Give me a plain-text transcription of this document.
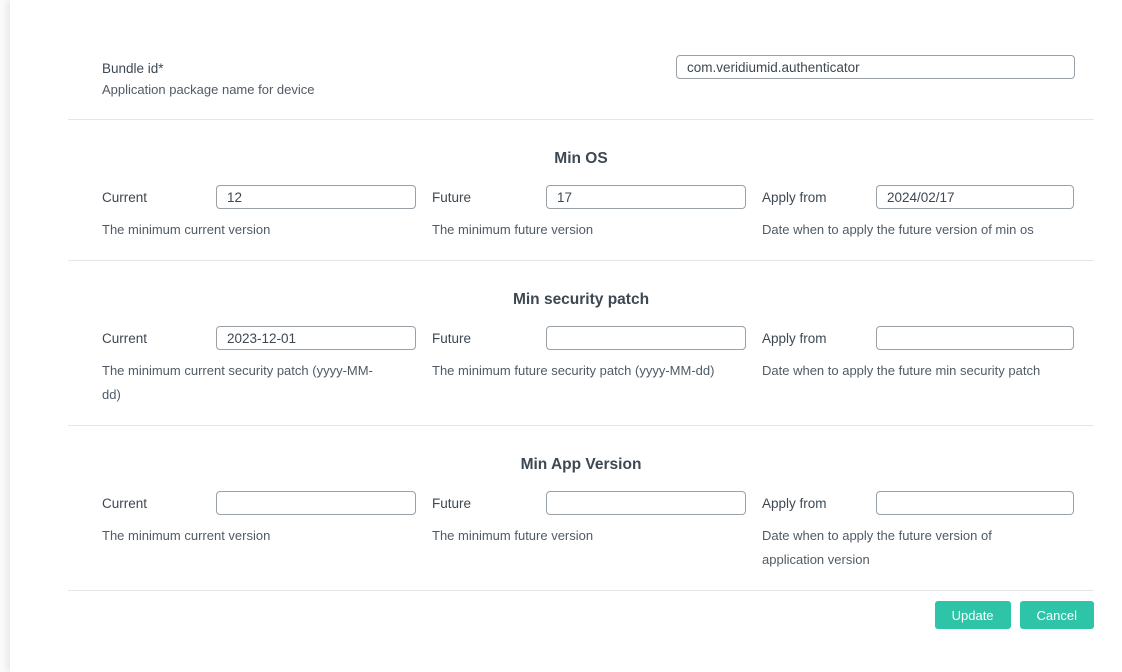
Bundle id*
Application package name for device
com.veridiumid.authenticator
Min OS
Current
12
The minimum current version
Future
17
The minimum future version
Apply from
2024/02/17
Date when to apply the future version of min os
Min security patch
Current
2023-12-01
The minimum current security patch (yyyy-MM-dd)
Future
The minimum future security patch (yyyy-MM-dd)
Apply from
Date when to apply the future min security patch
Min App Version
Current
The minimum current version
Future
The minimum future version
Apply from
Date when to apply the future version of application version
Update	Cancel
